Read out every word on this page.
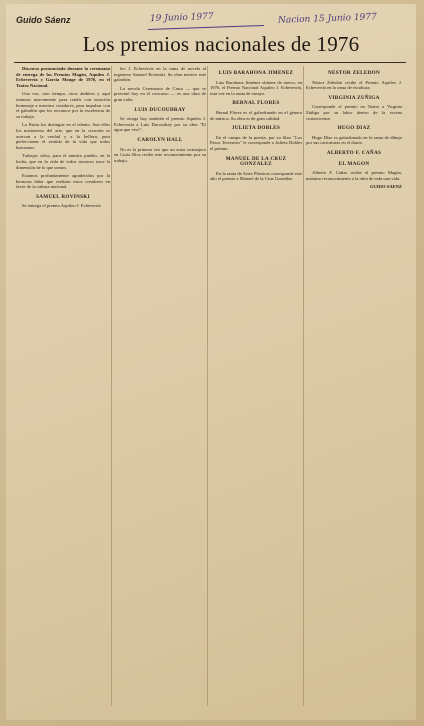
Guido Sáenz	19 Junio 1977	Nacion 15 Junio 1977
Los premios nacionales de 1976

Discurso pronunciado durante la ceremonia de entrega de los Premios Magón, Aquileo J. Echeverría y García Monge de 1976, en el Teatro Nacional.

Una vez, otro tiempo, otros ámbitos y aquí estamos nuevamente para rendir con emoción homenaje a nuestros creadores, para impulsar con el galardón que los reconoce por la excelencia de su trabajo.

La Patria los distingue en el talento. Son ellos los misioneros del arte, que en la creación se acercan a la verdad y a la belleza, para perfeccionar el sentido de la vida que todos buscamos.

Trabajos solos, para el nuestro pueblo, en la lucha, que en la vida de todos nosotros nace la dimensión de lo que somos.

Estamos profundamente agradecidos por la hermosa labor que realizan estos creadores en favor de la cultura nacional.

SAMUEL ROVINSKI

Se entrega el premio Aquileo J. Echeverría

leo J. Echeverría en la rama de novela al ingeniero Samuel Rovinski. Su obra merece este galardón.

La novela Ceremonia de Casta — que se presentó hoy en el concurso — es una obra de gran valor.

LUIS DUCOUDRAY

Se otorga hoy también el premio Aquileo J. Echeverría a Luis Ducoudray por su obra "El agua que vive".

CAROLYN HALL

No es la primera vez que un autor extranjero en Costa Rica recibe este reconocimiento por su trabajo.

LUIS BARAHONA JIMENEZ

Luis Barahona Jiménez obtiene de nuevo, en 1976, el Premio Nacional Aquileo J. Echeverría, esta vez en la rama de ensayo.

BERNAL FLORES

Bernal Flores es el galardonado en el género de música. Su obra es de gran calidad.

JULIETA DOBLES

En el campo de la poesía, por su libro "Los Pasos Terrestres" le corresponde a Julieta Dobles el premio.

MANUEL DE LA CRUZ GONZALEZ

En la rama de Artes Plásticas corresponde este año el premio a Manuel de la Cruz González.

NESTOR ZELEDON

Néstor Zeledón recibe el Premio Aquileo J. Echeverría en la rama de escultura.

VIRGINIA ZUÑIGA

Corresponde el premio en Teatro a Virginia Zúñiga por su labor dentro de la escena costarricense.

HUGO DIAZ

Hugo Díaz es galardonado en la rama de dibujo por sus caricaturas en el diario.

ALBERTO F. CAÑAS
EL MAGON

Alberto F. Cañas recibe el premio Magón, máximo reconocimiento a la obra de toda una vida.

GUIDO SAENZ
